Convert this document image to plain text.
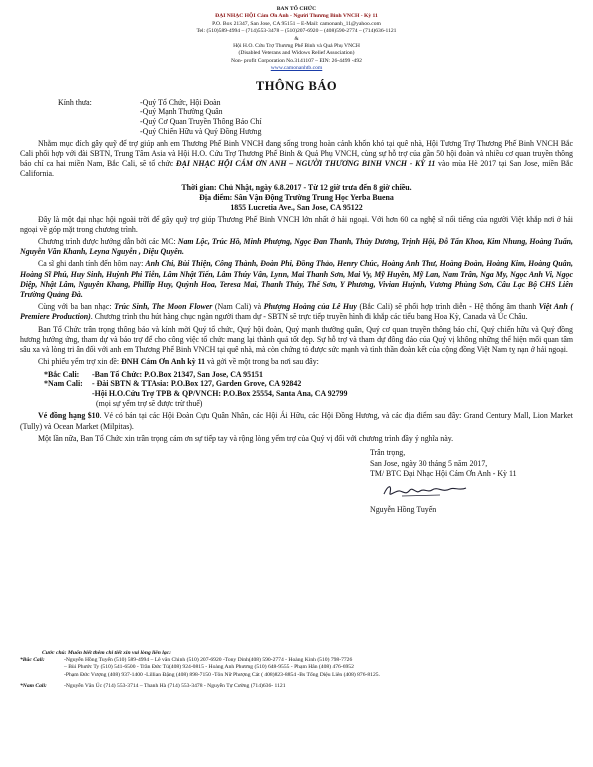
BAN TỔ CHỨC
ĐẠI NHẠC HỘI Cám Ơn Anh - Người Thương Binh VNCH - Kỳ 11
P.O. Box 21347, San Jose, CA 95151 – E-Mail: camonanh_11@yahoo.com
Tel: (510)589-4994 – (714)553-3478 – (510)207-6920 – (408)590-2774 – (714)636-1121
&
Hội H.O. Cứu Trợ Thương Phế Binh và Quả Phụ VNCH
(Disabled Veterans and Widows Relief Association)
Non- profit Corporation No.3141107 – EIN: 26-4499 -492
www.camonanhtb.com
THÔNG BÁO
Kính thưa:	-Quý Tổ Chức, Hội Đoàn
-Quý Mạnh Thường Quân
-Quý Cơ Quan Truyền Thông Báo Chí
-Quý Chiến Hữu và Quý Đồng Hương
Nhằm mục đích gây quỹ để trợ giúp anh em Thương Phế Binh VNCH đang sống trong hoàn cảnh khốn khó tại quê nhà, Hội Tương Trợ Thương Phế Binh VNCH Bắc Cali phối hợp với đài SBTN, Trung Tâm Asia và Hội H.O. Cứu Trợ Thương Phế Binh & Quả Phụ VNCH, cùng sự hỗ trợ của gần 50 hội đoàn và nhiều cơ quan truyền thông báo chí ca hai miền Nam, Bắc Cali, sẽ tổ chức ĐẠI NHẠC HỘI CÁM ƠN ANH – NGƯỜI THƯƠNG BINH VNCH - KỲ 11 vào mùa Hè 2017 tại San Jose, miền Bắc California.
Thời gian: Chủ Nhật, ngày 6.8.2017 - Từ 12 giờ trưa đến 8 giờ chiều.
Địa điểm: Sân Vận Động Trường Trung Học Yerba Buena
1855 Lucretia Ave., San Jose, CA 95122
Đây là một đại nhạc hội ngoài trời để gây quỹ trợ giúp Thương Phế Binh VNCH lớn nhất ở hải ngoại. Với hơn 60 ca nghệ sĩ nổi tiếng của người Việt khắp nơi ở hải ngoại về góp mặt trong chương trình.
Chương trình được hướng dẫn bởi các MC: Nam Lộc, Trúc Hồ, Minh Phượng, Ngọc Đan Thanh, Thùy Dương, Trịnh Hội, Đỗ Tấn Khoa, Kim Nhung, Hoàng Tuấn, Nguyễn Văn Khanh, Leyna Nguyễn , Diệu Quyên.
Ca sĩ ghi danh tính đến hôm nay: Anh Chi, Bùi Thiện, Công Thành, Đoàn Phi, Đồng Thảo, Henry Chúc, Hoàng Anh Thư, Hoàng Đoàn, Hoàng Kim, Hoàng Quân, Hoàng Sĩ Phú, Huy Sinh, Huỳnh Phi Tiễn, Lâm Nhật Tiến, Lâm Thúy Vân, Lynn, Mai Thanh Sơn, Mai Vy, Mỹ Huyền, Mỹ Lan, Nam Trân, Nga My, Ngọc Anh Vi, Ngọc Diệp, Nhật Lâm, Nguyên Khang, Phillip Huy, Quỳnh Hoa, Teresa Mai, Thanh Thúy, Thế Sơn, Y Phương, Vivian Huỳnh, Vương Phùng Sơn, Câu Lạc Bộ CHS Liên Trường Quảng Đà.
Cùng với ba ban nhạc: Trúc Sinh, The Moon Flower (Nam Cali) và Phượng Hoàng của Lê Huy (Bắc Cali) sẽ phối hợp trình diễn - Hệ thống âm thanh Việt Anh ( Premiere Production). Chương trình thu hút hàng chục ngàn người tham dự - SBTN sẽ trực tiếp truyền hình đi khắp các tiểu bang Hoa Kỳ, Canada và Úc Châu.
Ban Tổ Chức trân trọng thông báo và kính mời Quý tổ chức, Quý hội đoàn, Quý mạnh thường quân, Quý cơ quan truyền thông báo chí, Quý chiến hữu và Quý đồng hương hưởng ứng, tham dự và bảo trợ để cho công việc tổ chức mang lại thành quả tốt đẹp. Sự hỗ trợ và tham dự đông đảo của Quý vị không những thể hiện mối quan tâm sâu xa và lòng tri ân đối với anh em Thương Phế Binh VNCH tại quê nhà, mà còn chứng tỏ được sức mạnh và tình thần đoàn kết của cộng đồng Việt Nam tỵ nạn ở hải ngoại.
Chi phiếu yểm trợ xin đề: ĐNH Cám Ơn Anh kỳ 11 và gởi về một trong ba nơi sau đây:
*Bắc Cali:	-Ban Tổ Chức: P.O.Box 21347, San Jose, CA 95151
*Nam Cali:	- Đài SBTN & TTAsia: P.O.Box 127, Garden Grove, CA 92842
-Hội H.O.Cứu Trợ TPB & QP/VNCH: P.O.Box 25554, Santa Ana, CA 92799
(mọi sự yểm trợ sẽ được trừ thuế)
Vé đồng hạng $10. Vé có bán tại các Hội Đoàn Cựu Quân Nhân, các Hội Ái Hữu, các Hội Đồng Hương, và các địa điểm sau đây: Grand Century Mall, Lion Market (Tully) và Ocean Market (Milpitas).
Một lần nữa, Ban Tổ Chức xin trân trọng cám ơn sự tiếp tay và rộng lòng yểm trợ của Quý vị đối với chương trình đầy ý nghĩa này.
Trân trọng,
San Jose, ngày 30 tháng 5 năm 2017,
TM/ BTC Đại Nhạc Hội Cám Ơn Anh - Kỳ 11
Nguyễn Hồng Tuyến
Cước chú: Muốn biết thêm chi tiết xin vui lòng liên lạc:
*Bắc Cali:	-Nguyễn Hồng Tuyến (510) 589-4994 – Lê văn Chinh (510) 207-6920 -Tony Dinh(408) 590-2774 - Hoàng Kinh (510) 798-7726
– Bùi Phước Ty (510) 541-6500 - Trần Đức Tú(408) 924-0815 - Hoàng Anh Phương (510) 648-9555 - Phạm Hân (408) 476-6952
-Phạm Đức Vượng (408) 937-1400 -Lillian Đặng (408) 898-7150 -Tôn Nữ Phượng Cát ( 408)823-8854 -Bs Tống Diệu Liên (408) 876-8125.
*Nam Cali:	-Nguyễn Văn Úc (714) 553-3714 – Thanh Hà (714) 553-3478 - Nguyễn Tự Cường (714)636- 1121
